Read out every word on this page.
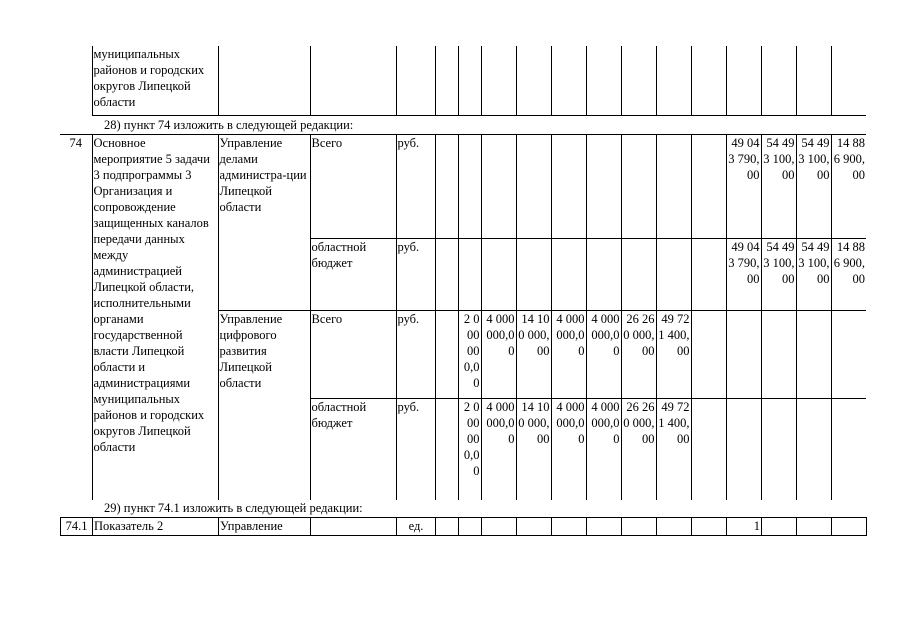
	муниципальных районов и городских округов Липецкой области																
28) пункт 74 изложить в следующей редакции:
74	Основное мероприятие 5 задачи 3 подпрограммы 3 Организация и сопровождение защищенных каналов передачи данных между администрацией Липецкой области, исполнительными органами государственной власти Липецкой области и администрациями муниципальных районов и городских округов Липецкой области	Управление делами администра-ции Липецкой области	Всего	руб.										49 043 790,00	54 493 100,00	54 493 100,00	14 886 900,00
			областной бюджет	руб.										49 043 790,00	54 493 100,00	54 493 100,00	14 886 900,00
		Управление цифрового развития Липецкой области	Всего	руб.		2 000 000,00	4 000 000,00	14 100 000,00	4 000 000,00	4 000 000,00	26 260 000,00	49 721 400,00					
			областной бюджет	руб.		2 000 000,00	4 000 000,00	14 100 000,00	4 000 000,00	4 000 000,00	26 260 000,00	49 721 400,00					
29) пункт 74.1 изложить в следующей редакции:
74.1	Показатель 2	Управление		ед.										1			
